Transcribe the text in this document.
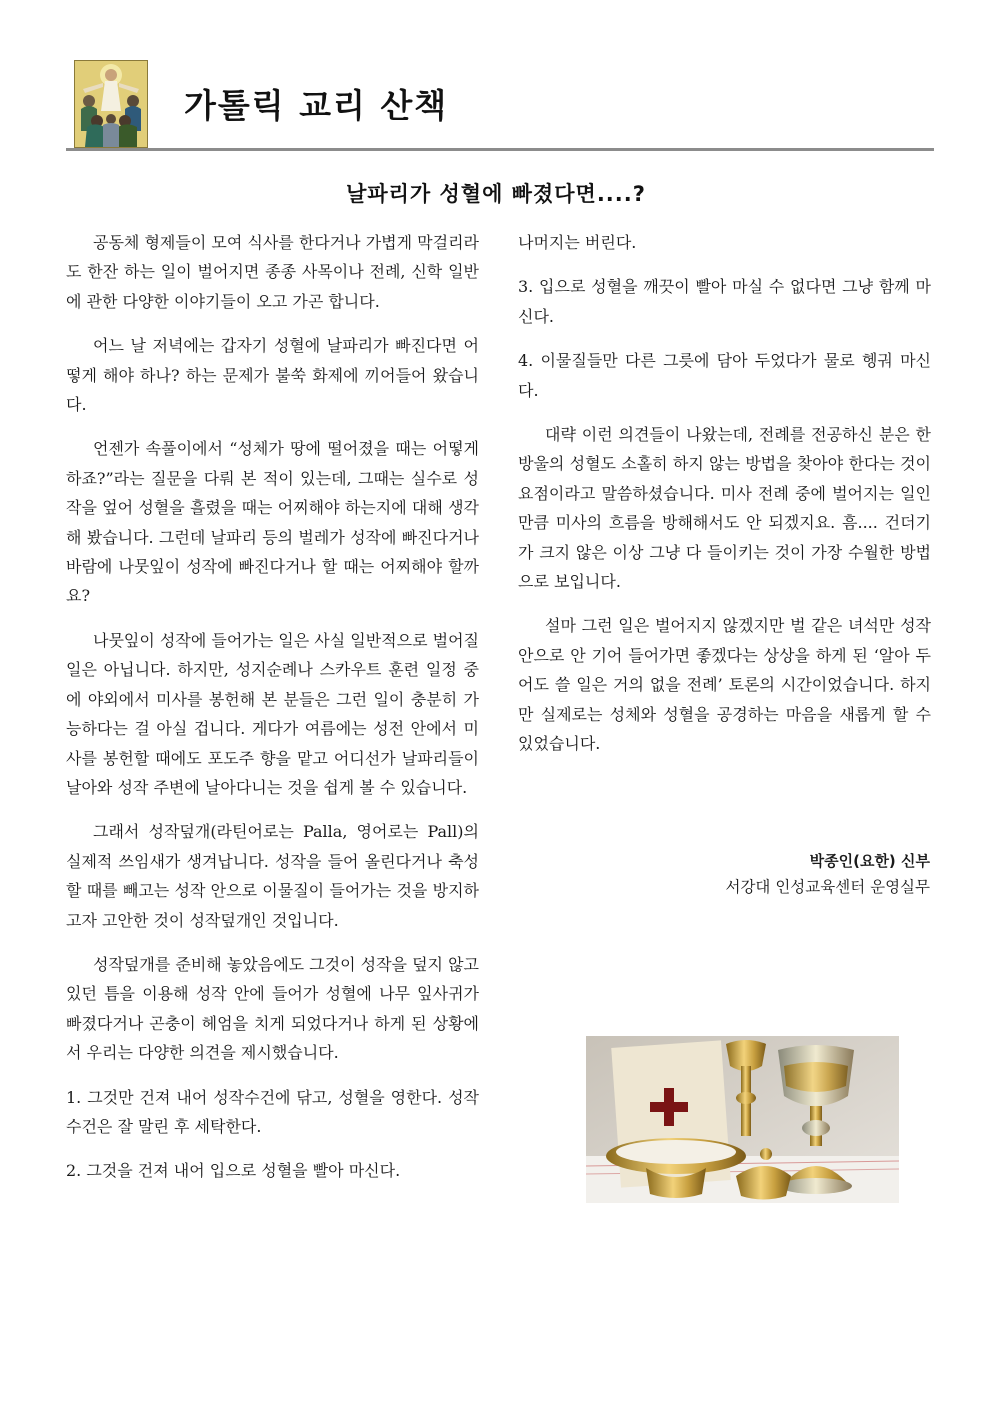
가톨릭 교리 산책
날파리가 성혈에 빠졌다면....?

공동체 형제들이 모여 식사를 한다거나 가볍게 막걸리라도 한잔 하는 일이 벌어지면 종종 사목이나 전례, 신학 일반에 관한 다양한 이야기들이 오고 가곤 합니다.

어느 날 저녁에는 갑자기 성혈에 날파리가 빠진다면 어떻게 해야 하나? 하는 문제가 불쑥 화제에 끼어들어 왔습니다.

언젠가 속풀이에서 “성체가 땅에 떨어졌을 때는 어떻게 하죠?”라는 질문을 다뤄 본 적이 있는데, 그때는 실수로 성작을 엎어 성혈을 흘렸을 때는 어찌해야 하는지에 대해 생각해 봤습니다. 그런데 날파리 등의 벌레가 성작에 빠진다거나 바람에 나뭇잎이 성작에 빠진다거나 할 때는 어찌해야 할까요?

나뭇잎이 성작에 들어가는 일은 사실 일반적으로 벌어질 일은 아닙니다. 하지만, 성지순례나 스카우트 훈련 일정 중에 야외에서 미사를 봉헌해 본 분들은 그런 일이 충분히 가능하다는 걸 아실 겁니다. 게다가 여름에는 성전 안에서 미사를 봉헌할 때에도 포도주 향을 맡고 어디선가 날파리들이 날아와 성작 주변에 날아다니는 것을 쉽게 볼 수 있습니다.

그래서 성작덮개(라틴어로는 Palla, 영어로는 Pall)의 실제적 쓰임새가 생겨납니다. 성작을 들어 올린다거나 축성할 때를 빼고는 성작 안으로 이물질이 들어가는 것을 방지하고자 고안한 것이 성작덮개인 것입니다.

성작덮개를 준비해 놓았음에도 그것이 성작을 덮지 않고 있던 틈을 이용해 성작 안에 들어가 성혈에 나무 잎사귀가 빠졌다거나 곤충이 헤엄을 치게 되었다거나 하게 된 상황에서 우리는 다양한 의견을 제시했습니다.

1. 그것만 건져 내어 성작수건에 닦고, 성혈을 영한다. 성작수건은 잘 말린 후 세탁한다.

2. 그것을 건져 내어 입으로 성혈을 빨아 마신다.

나머지는 버린다.

3. 입으로 성혈을 깨끗이 빨아 마실 수 없다면 그냥 함께 마신다.

4. 이물질들만 다른 그릇에 담아 두었다가 물로 헹궈 마신다.

대략 이런 의견들이 나왔는데, 전례를 전공하신 분은 한 방울의 성혈도 소홀히 하지 않는 방법을 찾아야 한다는 것이 요점이라고 말씀하셨습니다. 미사 전례 중에 벌어지는 일인 만큼 미사의 흐름을 방해해서도 안 되겠지요. 흠.... 건더기가 크지 않은 이상 그냥 다 들이키는 것이 가장 수월한 방법으로 보입니다.

설마 그런 일은 벌어지지 않겠지만 벌 같은 녀석만 성작 안으로 안 기어 들어가면 좋겠다는 상상을 하게 된 ‘알아 두어도 쓸 일은 거의 없을 전례’ 토론의 시간이었습니다. 하지만 실제로는 성체와 성혈을 공경하는 마음을 새롭게 할 수 있었습니다.

박종인(요한) 신부
서강대 인성교육센터 운영실무
